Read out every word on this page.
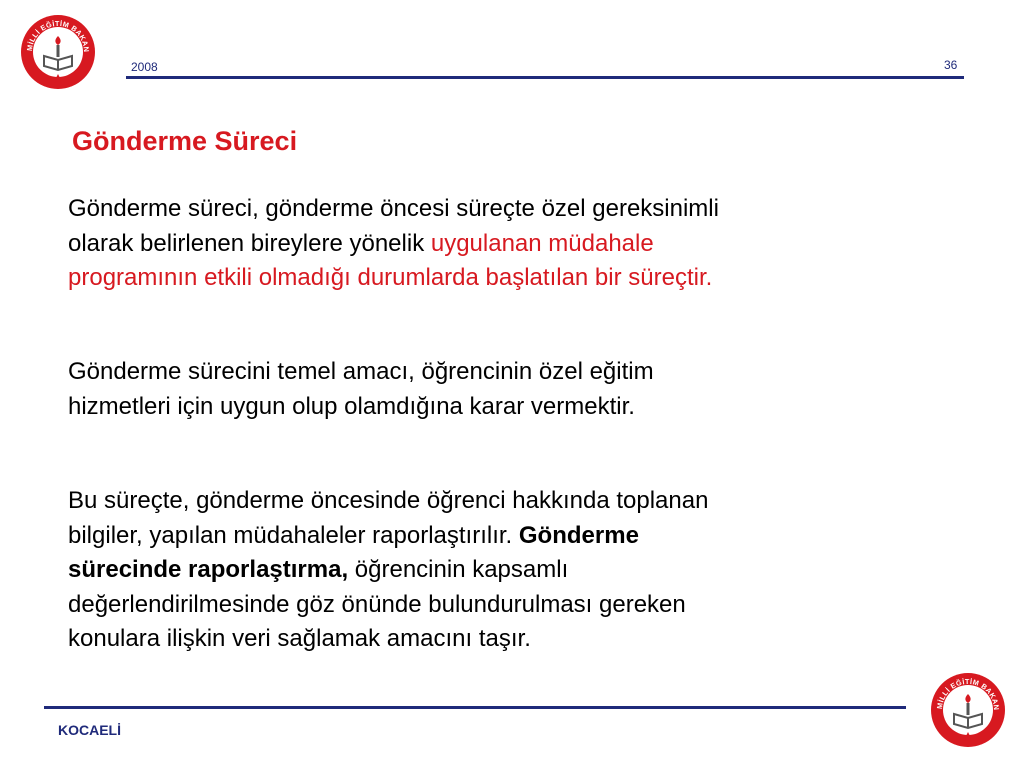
MİLLİ EĞİTİM BAKAN
2008	36
Gönderme Süreci
Gönderme süreci, gönderme öncesi süreçte özel gereksinimli
olarak belirlenen bireylere yönelik uygulanan müdahale
programının etkili olmadığı durumlarda başlatılan bir süreçtir.
Gönderme sürecini temel amacı, öğrencinin özel eğitim
hizmetleri için uygun olup olamdığına karar vermektir.
Bu süreçte, gönderme öncesinde öğrenci hakkında toplanan
bilgiler, yapılan müdahaleler raporlaştırılır. Gönderme
sürecinde raporlaştırma, öğrencinin kapsamlı
değerlendirilmesinde göz önünde bulundurulması gereken
konulara ilişkin veri sağlamak amacını taşır.
KOCAELİ
MİLLİ EĞİTİM BAKAN
